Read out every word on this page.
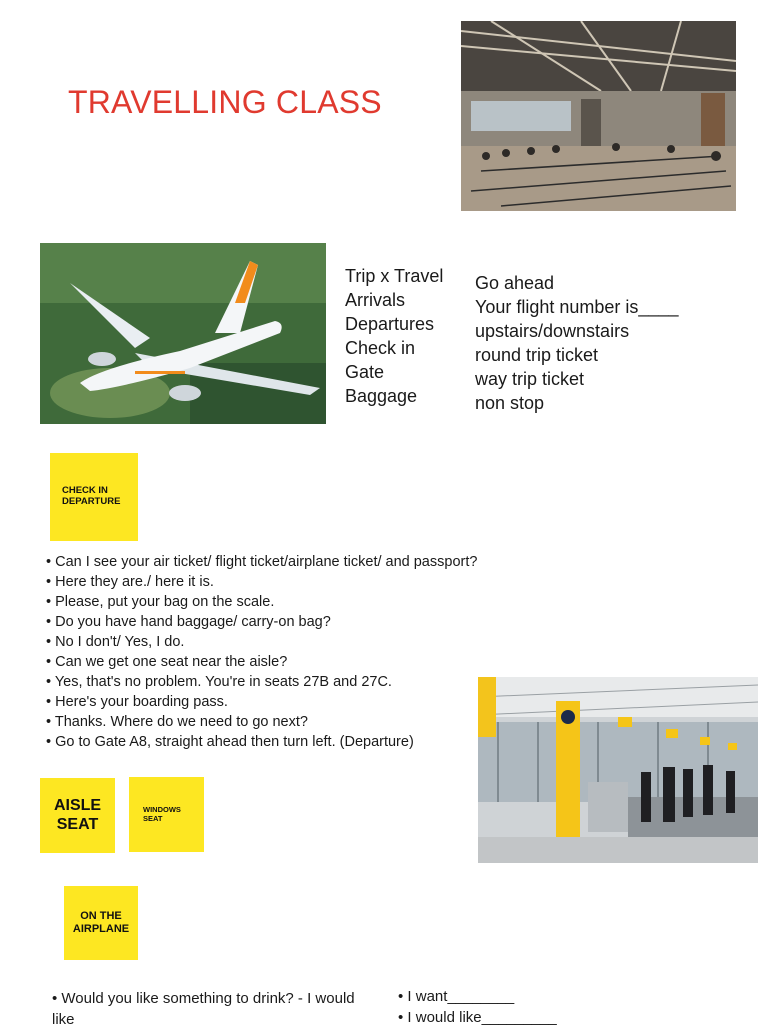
TRAVELLING CLASS
Trip x Travel
Arrivals
Departures
Check in
Gate
Baggage
Go ahead
Your flight number is____
upstairs/downstairs
round trip ticket
way trip ticket
non stop
CHECK IN
DEPARTURE
• Can I see your air ticket/ flight ticket/airplane ticket/ and passport?
• Here they are./ here it is.
• Please, put your bag on the scale.
• Do you have hand baggage/ carry-on bag?
• No I don't/ Yes, I do.
• Can we get one seat near the aisle?
• Yes, that's no problem. You're in seats 27B and 27C.
• Here's your boarding pass.
• Thanks. Where do we need to go next?
• Go to Gate A8, straight ahead then turn left. (Departure)
AISLE
SEAT
WINDOWS
SEAT
ON THE
AIRPLANE
• Would you like something to drink? - I would like
• I want________
• I would like_________
